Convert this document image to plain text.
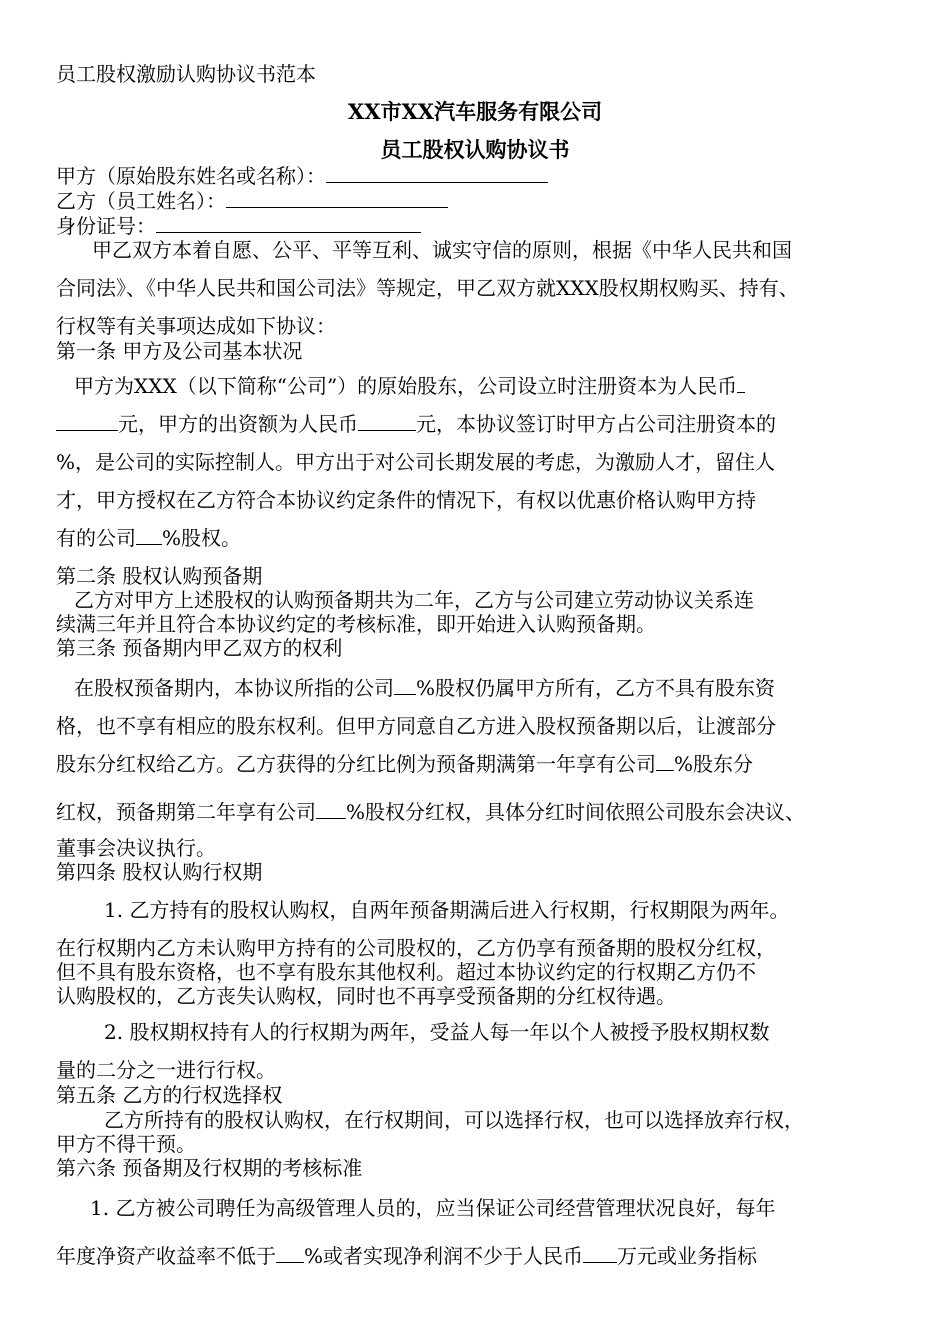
员工股权激励认购协议书范本
XX市XX汽车服务有限公司
员工股权认购协议书
甲方（原始股东姓名或名称）：
乙方（员工姓名）：
身份证号：
甲乙双方本着自愿、公平、平等互利、诚实守信的原则，根据《中华人民共和国
合同法》、《中华人民共和国公司法》等规定，甲乙双方就XXX股权期权购买、持有、
行权等有关事项达成如下协议：
第一条 甲方及公司基本状况
甲方为XXX（以下简称“公司”）的原始股东，公司设立时注册资本为人民币
元，甲方的出资额为人民币	元，本协议签订时甲方占公司注册资本的
%，是公司的实际控制人。甲方出于对公司长期发展的考虑，为激励人才，留住人
才，甲方授权在乙方符合本协议约定条件的情况下，有权以优惠价格认购甲方持
有的公司 %股权。
第二条 股权认购预备期
乙方对甲方上述股权的认购预备期共为二年，乙方与公司建立劳动协议关系连
续满三年并且符合本协议约定的考核标准，即开始进入认购预备期。
第三条 预备期内甲乙双方的权利
在股权预备期内，本协议所指的公司 %股权仍属甲方所有，乙方不具有股东资
格，也不享有相应的股东权利。但甲方同意自乙方进入股权预备期以后，让渡部分
股东分红权给乙方。乙方获得的分红比例为预备期满第一年享有公司 %股东分
红权，预备期第二年享有公司 %股权分红权，具体分红时间依照公司股东会决议、
董事会决议执行。
第四条 股权认购行权期
1. 乙方持有的股权认购权，自两年预备期满后进入行权期，行权期限为两年。
在行权期内乙方未认购甲方持有的公司股权的，乙方仍享有预备期的股权分红权，
但不具有股东资格，也不享有股东其他权利。超过本协议约定的行权期乙方仍不
认购股权的，乙方丧失认购权，同时也不再享受预备期的分红权待遇。
2. 股权期权持有人的行权期为两年，受益人每一年以个人被授予股权期权数
量的二分之一进行行权。
第五条 乙方的行权选择权
乙方所持有的股权认购权，在行权期间，可以选择行权，也可以选择放弃行权，
甲方不得干预。
第六条 预备期及行权期的考核标准
1. 乙方被公司聘任为高级管理人员的，应当保证公司经营管理状况良好，每年
年度净资产收益率不低于 %或者实现净利润不少于人民币 万元或业务指标
